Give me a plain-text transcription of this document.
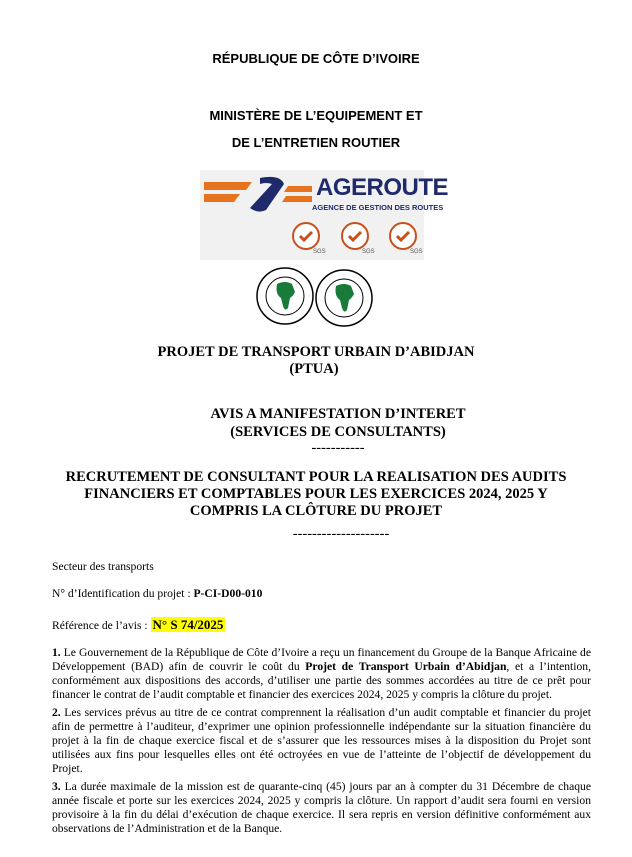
RÉPUBLIQUE DE CÔTE D’IVOIRE
MINISTÈRE DE L’EQUIPEMENT ET
DE L’ENTRETIEN ROUTIER
AGEROUTE
AGENCE DE GESTION DES ROUTES
SGS	SGS	SGS
PROJET DE TRANSPORT URBAIN D’ABIDJAN
(PTUA)
AVIS A MANIFESTATION D’INTERET
(SERVICES DE CONSULTANTS)
-----------
RECRUTEMENT DE CONSULTANT POUR LA REALISATION DES AUDITS
FINANCIERS ET COMPTABLES POUR LES EXERCICES 2024, 2025 Y
COMPRIS LA CLÔTURE DU PROJET
--------------------
Secteur des transports
N° d’Identification du projet : P-CI-D00-010
Référence de l’avis : N° S 74/2025
1. Le Gouvernement de la République de Côte d’Ivoire a reçu un financement du Groupe de la Banque Africaine de Développement (BAD) afin de couvrir le coût du Projet de Transport Urbain d’Abidjan, et a l’intention, conformément aux dispositions des accords, d’utiliser une partie des sommes accordées au titre de ce prêt pour financer le contrat de l’audit comptable et financier des exercices 2024, 2025 y compris la clôture du projet.
2. Les services prévus au titre de ce contrat comprennent la réalisation d’un audit comptable et financier du projet afin de permettre à l’auditeur, d’exprimer une opinion professionnelle indépendante sur la situation financière du projet à la fin de chaque exercice fiscal et de s’assurer que les ressources mises à la disposition du Projet sont utilisées aux fins pour lesquelles elles ont été octroyées en vue de l’atteinte de l’objectif de développement du Projet.
3. La durée maximale de la mission est de quarante-cinq (45) jours par an à compter du 31 Décembre de chaque année fiscale et porte sur les exercices 2024, 2025 y compris la clôture. Un rapport d’audit sera fourni en version provisoire à la fin du délai d’exécution de chaque exercice. Il sera repris en version définitive conformément aux observations de l’Administration et de la Banque.
